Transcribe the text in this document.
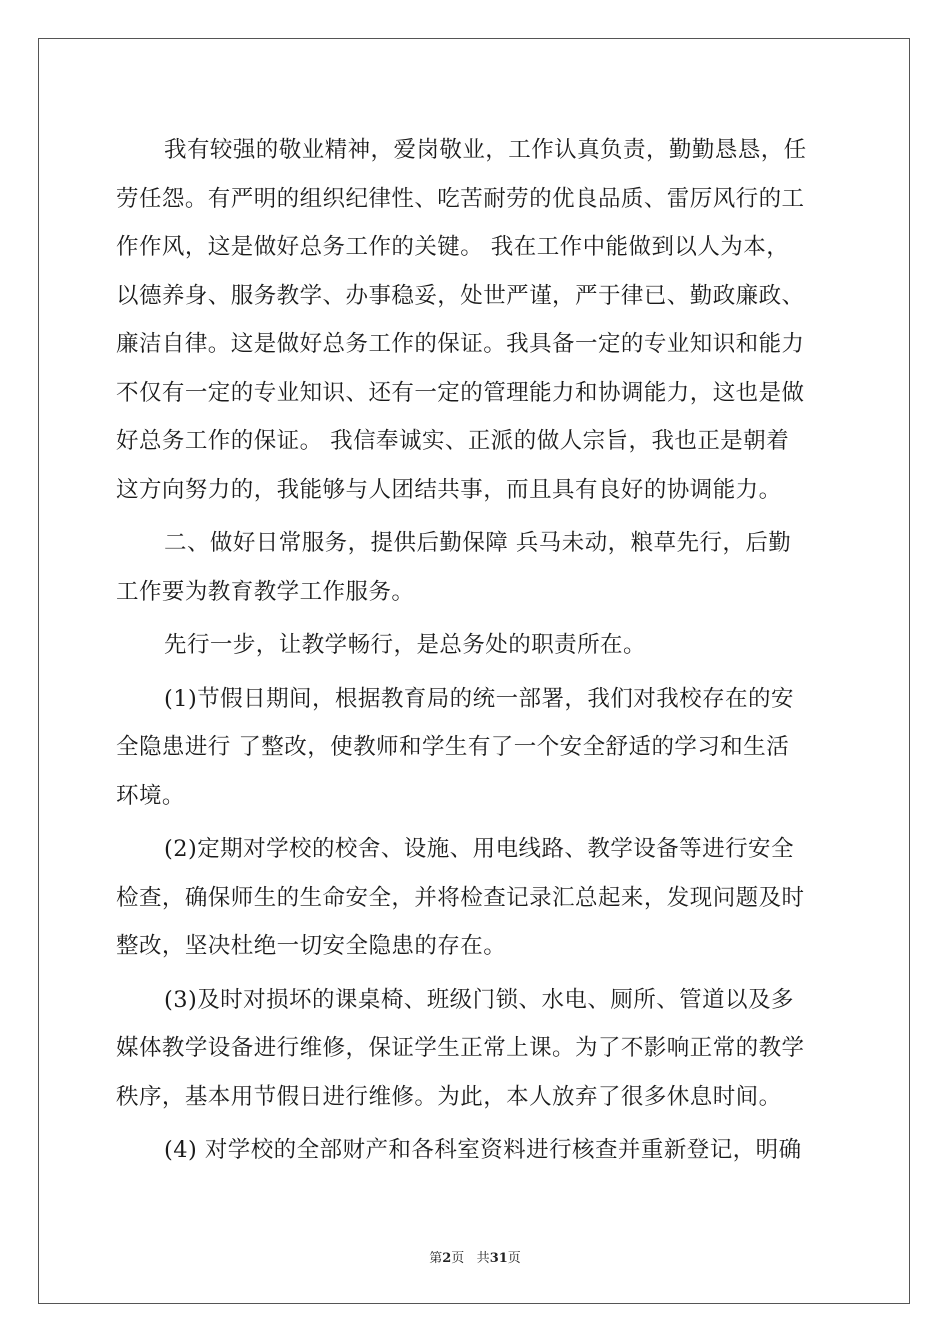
我有较强的敬业精神，爱岗敬业，工作认真负责，勤勤恳恳，任
劳任怨。有严明的组织纪律性、吃苦耐劳的优良品质、雷厉风行的工
作作风，这是做好总务工作的关键。 我在工作中能做到以人为本，
以德养身、服务教学、办事稳妥，处世严谨，严于律已、勤政廉政、
廉洁自律。这是做好总务工作的保证。我具备一定的专业知识和能力
不仅有一定的专业知识、还有一定的管理能力和协调能力，这也是做
好总务工作的保证。 我信奉诚实、正派的做人宗旨，我也正是朝着
这方向努力的，我能够与人团结共事，而且具有良好的协调能力。
二、做好日常服务，提供后勤保障 兵马未动，粮草先行，后勤
工作要为教育教学工作服务。
先行一步，让教学畅行，是总务处的职责所在。
(1)节假日期间，根据教育局的统一部署，我们对我校存在的安
全隐患进行 了整改，使教师和学生有了一个安全舒适的学习和生活
环境。
(2)定期对学校的校舍、设施、用电线路、教学设备等进行安全
检查，确保师生的生命安全，并将检查记录汇总起来，发现问题及时
整改，坚决杜绝一切安全隐患的存在。
(3)及时对损坏的课桌椅、班级门锁、水电、厕所、管道以及多
媒体教学设备进行维修，保证学生正常上课。为了不影响正常的教学
秩序，基本用节假日进行维修。为此，本人放弃了很多休息时间。
(4) 对学校的全部财产和各科室资料进行核查并重新登记，明确
第2页 共31页
